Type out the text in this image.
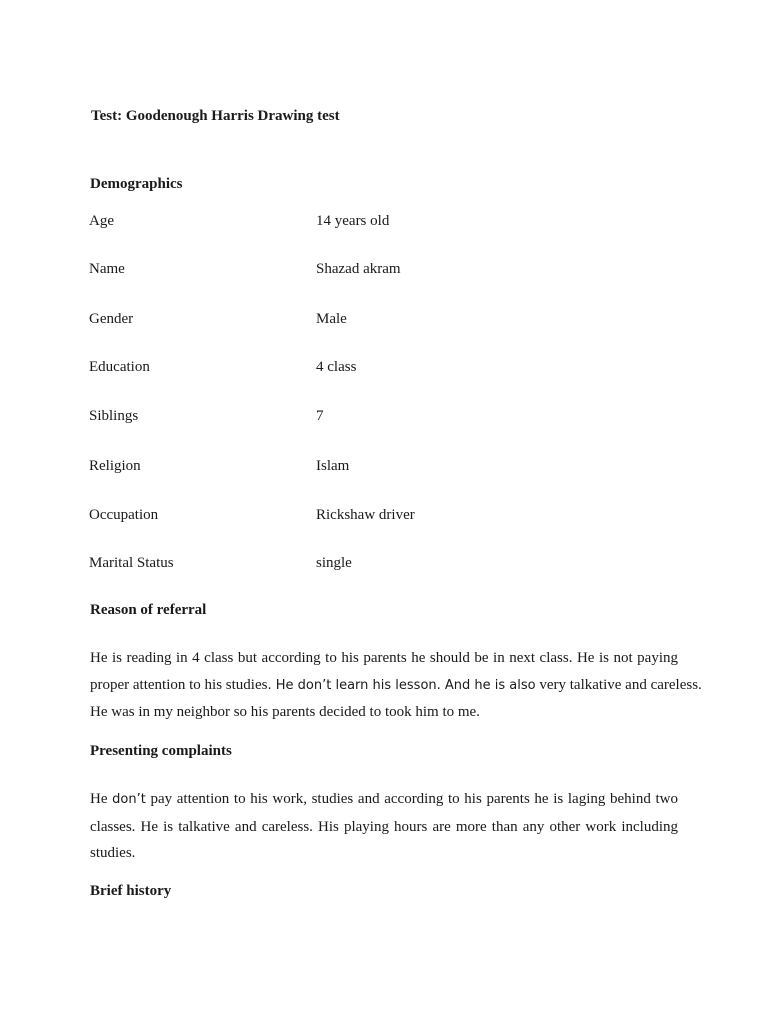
Test: Goodenough Harris Drawing test
Demographics
Age	14 years old
Name	Shazad akram
Gender	Male
Education	4 class
Siblings	7
Religion	Islam
Occupation	Rickshaw driver
Marital Status	single
Reason of referral
He is reading in 4 class but according to his parents he should be in next class. He is not paying
proper attention to his studies. He don’t learn his lesson. And he is also very talkative and careless.
He was in my neighbor so his parents decided to took him to me.
Presenting complaints
He don’t pay attention to his work, studies and according to his parents he is laging behind two
classes. He is talkative and careless. His playing hours are more than any other work including
studies.
Brief history
